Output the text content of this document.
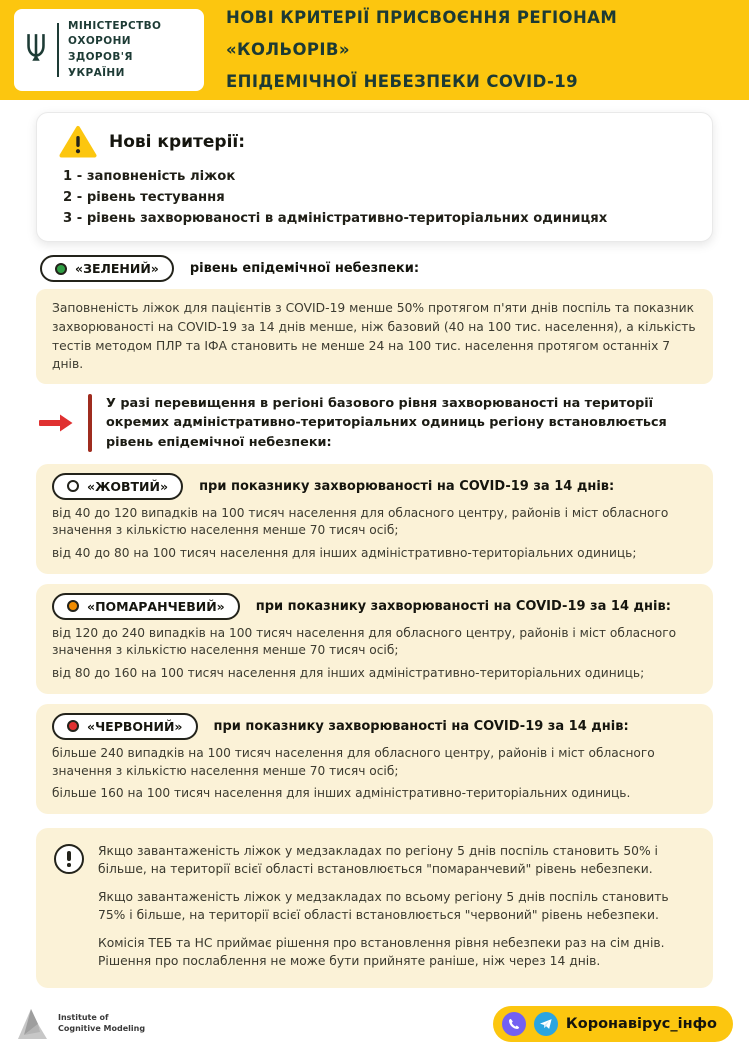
МІНІСТЕРСТВО
ОХОРОНИ
ЗДОРОВ'Я
УКРАЇНИ
НОВІ КРИТЕРІЇ ПРИСВОЄННЯ РЕГІОНАМ «КОЛЬОРІВ»
ЕПІДЕМІЧНОЇ НЕБЕЗПЕКИ COVID-19
Нові критерії:
1 - заповненість ліжок
2 - рівень тестування
3 - рівень захворюваності в адміністративно-територіальних одиницях
«ЗЕЛЕНИЙ» рівень епідемічної небезпеки:

Заповненість ліжок для пацієнтів з COVID-19 менше 50% протягом п'яти днів поспіль та показник захворюваності на COVID-19 за 14 днів менше, ніж базовий (40 на 100 тис. населення), а кількість тестів методом ПЛР та ІФА становить не менше 24 на 100 тис. населення протягом останніх 7 днів.

У разі перевищення в регіоні базового рівня захворюваності на території окремих адміністративно-територіальних одиниць регіону встановлюється рівень епідемічної небезпеки:

«ЖОВТИЙ» при показнику захворюваності на COVID-19 за 14 днів:

від 40 до 120 випадків на 100 тисяч населення для обласного центру, районів і міст обласного значення з кількістю населення менше 70 тисяч осіб;

від 40 до 80 на 100 тисяч населення для інших адміністративно-територіальних одиниць;

«ПОМАРАНЧЕВИЙ» при показнику захворюваності на COVID-19 за 14 днів:

від 120 до 240 випадків на 100 тисяч населення для обласного центру, районів і міст обласного значення з кількістю населення менше 70 тисяч осіб;

від 80 до 160 на 100 тисяч населення для інших адміністративно-територіальних одиниць;

«ЧЕРВОНИЙ» при показнику захворюваності на COVID-19 за 14 днів:

більше 240 випадків на 100 тисяч населення для обласного центру, районів і міст обласного значення з кількістю населення менше 70 тисяч осіб;

більше 160 на 100 тисяч населення для інших адміністративно-територіальних одиниць.

Якщо завантаженість ліжок у медзакладах по регіону 5 днів поспіль становить 50% і більше, на території всієї області встановлюється "помаранчевий" рівень небезпеки.

Якщо завантаженість ліжок у медзакладах по всьому регіону 5 днів поспіль становить 75% і більше, на території всієї області встановлюється "червоний" рівень небезпеки.

Комісія ТЕБ та НС приймає рішення про встановлення рівня небезпеки раз на сім днів. Рішення про послаблення не може бути прийняте раніше, ніж через 14 днів.

Institute of
Cognitive Modeling	Коронавірус_інфо
